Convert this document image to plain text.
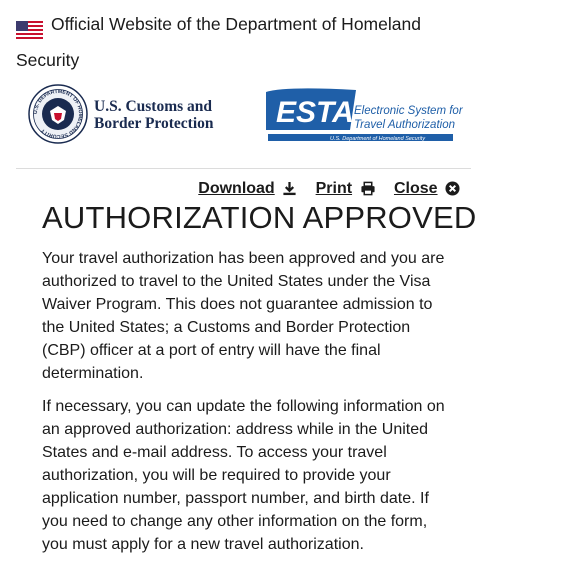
Official Website of the Department of Homeland Security
U.S. DEPARTMENT OF HOMELAND SECURITY
U.S. Customs and
Border Protection ESTA Electronic System for
Travel Authorization
U.S. Department of Homeland Security
Download	Print	Close
AUTHORIZATION APPROVED

Your travel authorization has been approved and you are authorized to travel to the United States under the Visa Waiver Program. This does not guarantee admission to the United States; a Customs and Border Protection (CBP) officer at a port of entry will have the final determination.

If necessary, you can update the following information on an approved authorization: address while in the United States and e-mail address. To access your travel authorization, you will be required to provide your application number, passport number, and birth date. If you need to change any other information on the form, you must apply for a new travel authorization.
